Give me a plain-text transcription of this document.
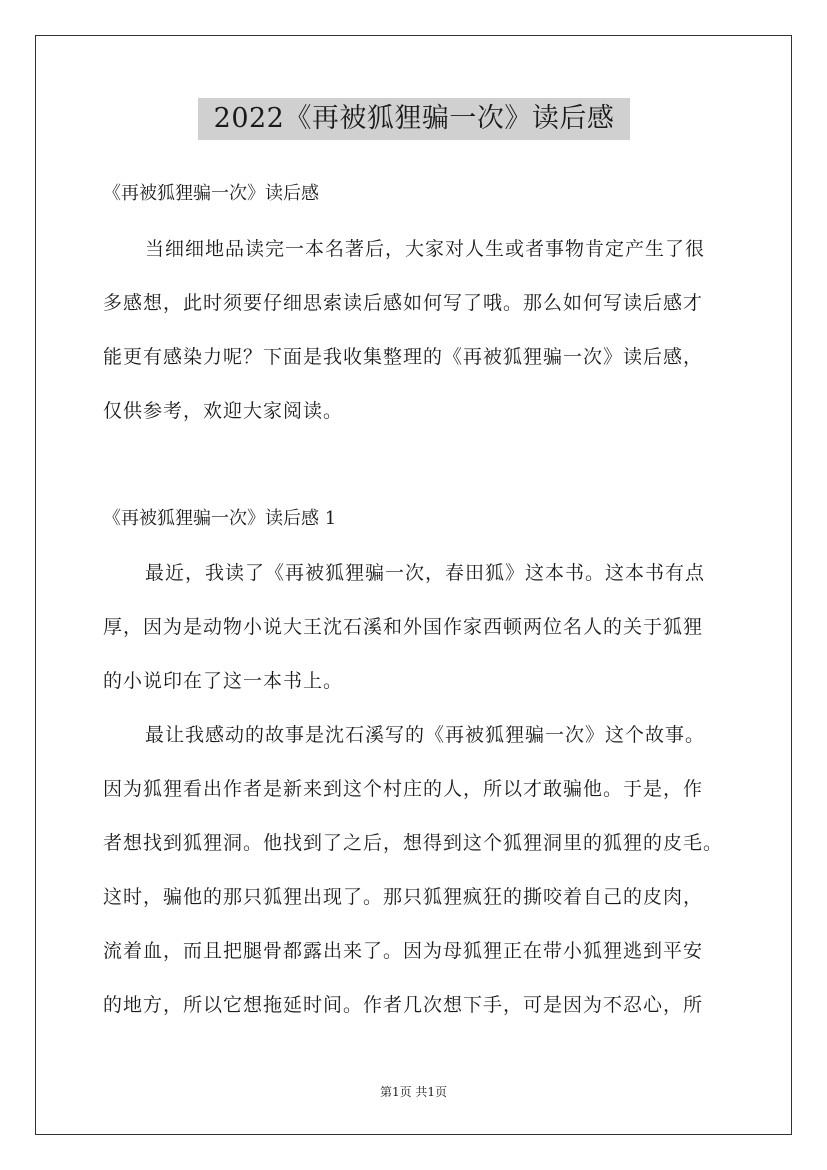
2022《再被狐狸骗一次》读后感
《再被狐狸骗一次》读后感
当细细地品读完一本名著后，大家对人生或者事物肯定产生了很
多感想，此时须要仔细思索读后感如何写了哦。那么如何写读后感才
能更有感染力呢？下面是我收集整理的《再被狐狸骗一次》读后感，
仅供参考，欢迎大家阅读。
《再被狐狸骗一次》读后感 1
最近，我读了《再被狐狸骗一次，春田狐》这本书。这本书有点
厚，因为是动物小说大王沈石溪和外国作家西顿两位名人的关于狐狸
的小说印在了这一本书上。
最让我感动的故事是沈石溪写的《再被狐狸骗一次》这个故事。
因为狐狸看出作者是新来到这个村庄的人，所以才敢骗他。于是，作
者想找到狐狸洞。他找到了之后，想得到这个狐狸洞里的狐狸的皮毛。
这时，骗他的那只狐狸出现了。那只狐狸疯狂的撕咬着自己的皮肉，
流着血，而且把腿骨都露出来了。因为母狐狸正在带小狐狸逃到平安
的地方，所以它想拖延时间。作者几次想下手，可是因为不忍心，所
第1页 共1页
